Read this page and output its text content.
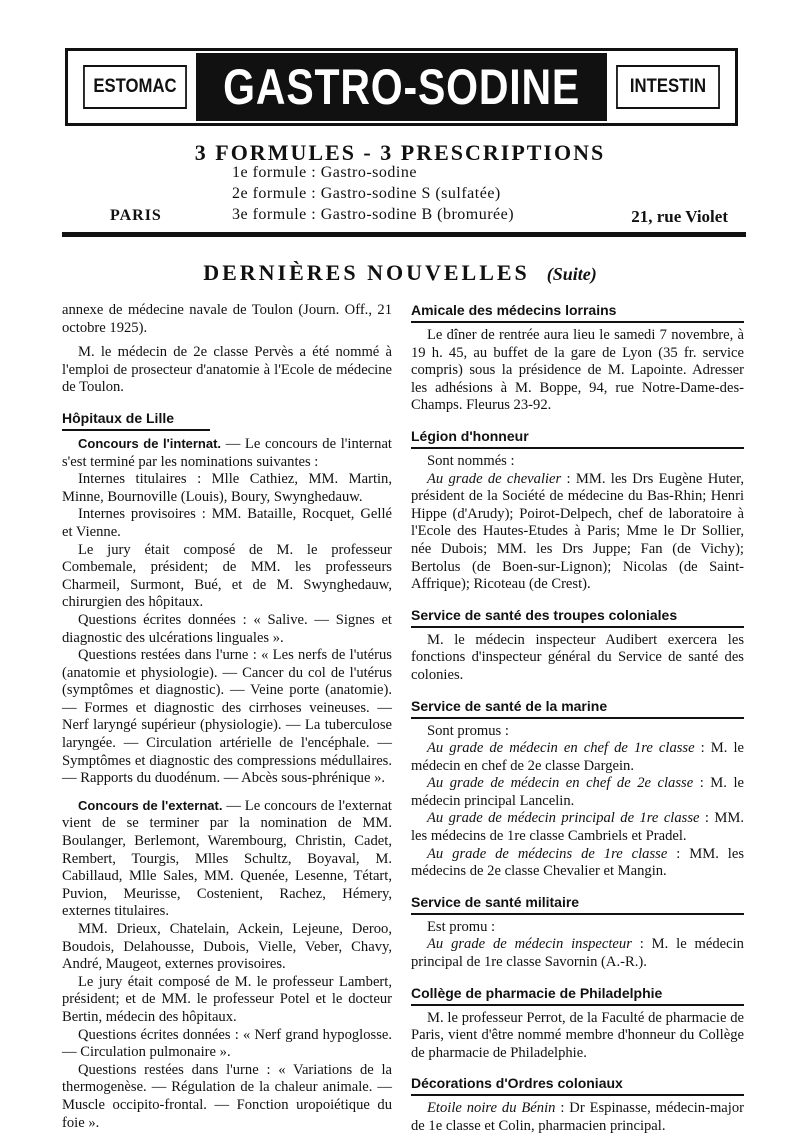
ESTOMAC GASTRO-SODINE	INTESTIN
3 FORMULES - 3 PRESCRIPTIONS
1e formule : Gastro-sodine
2e formule : Gastro-sodine S (sulfatée)
3e formule : Gastro-sodine B (bromurée)
PARIS	21, rue Violet
DERNIÈRES NOUVELLES (Suite)

annexe de médecine navale de Toulon (Journ. Off., 21 octobre 1925).

M. le médecin de 2e classe Pervès a été nommé à l'emploi de prosecteur d'anatomie à l'Ecole de médecine de Toulon.

Hôpitaux de Lille

Concours de l'internat. — Le concours de l'internat s'est terminé par les nominations suivantes :

Internes titulaires : Mlle Cathiez, MM. Martin, Minne, Bournoville (Louis), Boury, Swynghedauw.

Internes provisoires : MM. Bataille, Rocquet, Gellé et Vienne.

Le jury était composé de M. le professeur Combemale, président; de MM. les professeurs Charmeil, Surmont, Bué, et de M. Swynghedauw, chirurgien des hôpitaux.

Questions écrites données : « Salive. — Signes et diagnostic des ulcérations linguales ».

Questions restées dans l'urne : « Les nerfs de l'utérus (anatomie et physiologie). — Cancer du col de l'utérus (symptômes et diagnostic). — Veine porte (anatomie). — Formes et diagnostic des cirrhoses veineuses. — Nerf laryngé supérieur (physiologie). — La tuberculose laryngée. — Circulation artérielle de l'encéphale. — Symptômes et diagnostic des compressions médullaires. — Rapports du duodénum. — Abcès sous-phrénique ».

Concours de l'externat. — Le concours de l'externat vient de se terminer par la nomination de MM. Boulanger, Berlemont, Warembourg, Christin, Cadet, Rembert, Tourgis, Mlles Schultz, Boyaval, M. Cabillaud, Mlle Sales, MM. Quenée, Lesenne, Tétart, Puvion, Meurisse, Costenient, Rachez, Hémery, externes titulaires.

MM. Drieux, Chatelain, Ackein, Lejeune, Deroo, Boudois, Delahousse, Dubois, Vielle, Veber, Chavy, André, Maugeot, externes provisoires.

Le jury était composé de M. le professeur Lambert, président; et de MM. le professeur Potel et le docteur Bertin, médecin des hôpitaux.

Questions écrites données : « Nerf grand hypoglosse. — Circulation pulmonaire ».

Questions restées dans l'urne : « Variations de la thermogenèse. — Régulation de la chaleur animale. — Muscle occipito-frontal. — Fonction uropoiétique du foie ».

Amicale des médecins lorrains

Le dîner de rentrée aura lieu le samedi 7 novembre, à 19 h. 45, au buffet de la gare de Lyon (35 fr. service compris) sous la présidence de M. Lapointe. Adresser les adhésions à M. Boppe, 94, rue Notre-Dame-des-Champs. Fleurus 23-92.

Légion d'honneur

Sont nommés :

Au grade de chevalier : MM. les Drs Eugène Huter, président de la Société de médecine du Bas-Rhin; Henri Hippe (d'Arudy); Poirot-Delpech, chef de laboratoire à l'Ecole des Hautes-Etudes à Paris; Mme le Dr Sollier, née Dubois; MM. les Drs Juppe; Fan (de Vichy); Bertolus (de Boen-sur-Lignon); Nicolas (de Saint-Affrique); Ricoteau (de Crest).

Service de santé des troupes coloniales

M. le médecin inspecteur Audibert exercera les fonctions d'inspecteur général du Service de santé des colonies.

Service de santé de la marine

Sont promus :

Au grade de médecin en chef de 1re classe : M. le médecin en chef de 2e classe Dargein.

Au grade de médecin en chef de 2e classe : M. le médecin principal Lancelin.

Au grade de médecin principal de 1re classe : MM. les médecins de 1re classe Cambriels et Pradel.

Au grade de médecins de 1re classe : MM. les médecins de 2e classe Chevalier et Mangin.

Service de santé militaire

Est promu :

Au grade de médecin inspecteur : M. le médecin principal de 1re classe Savornin (A.-R.).

Collège de pharmacie de Philadelphie

M. le professeur Perrot, de la Faculté de pharmacie de Paris, vient d'être nommé membre d'honneur du Collège de pharmacie de Philadelphie.

Décorations d'Ordres coloniaux

Etoile noire du Bénin : Dr Espinasse, médecin-major de 1e classe et Colin, pharmacien principal.
